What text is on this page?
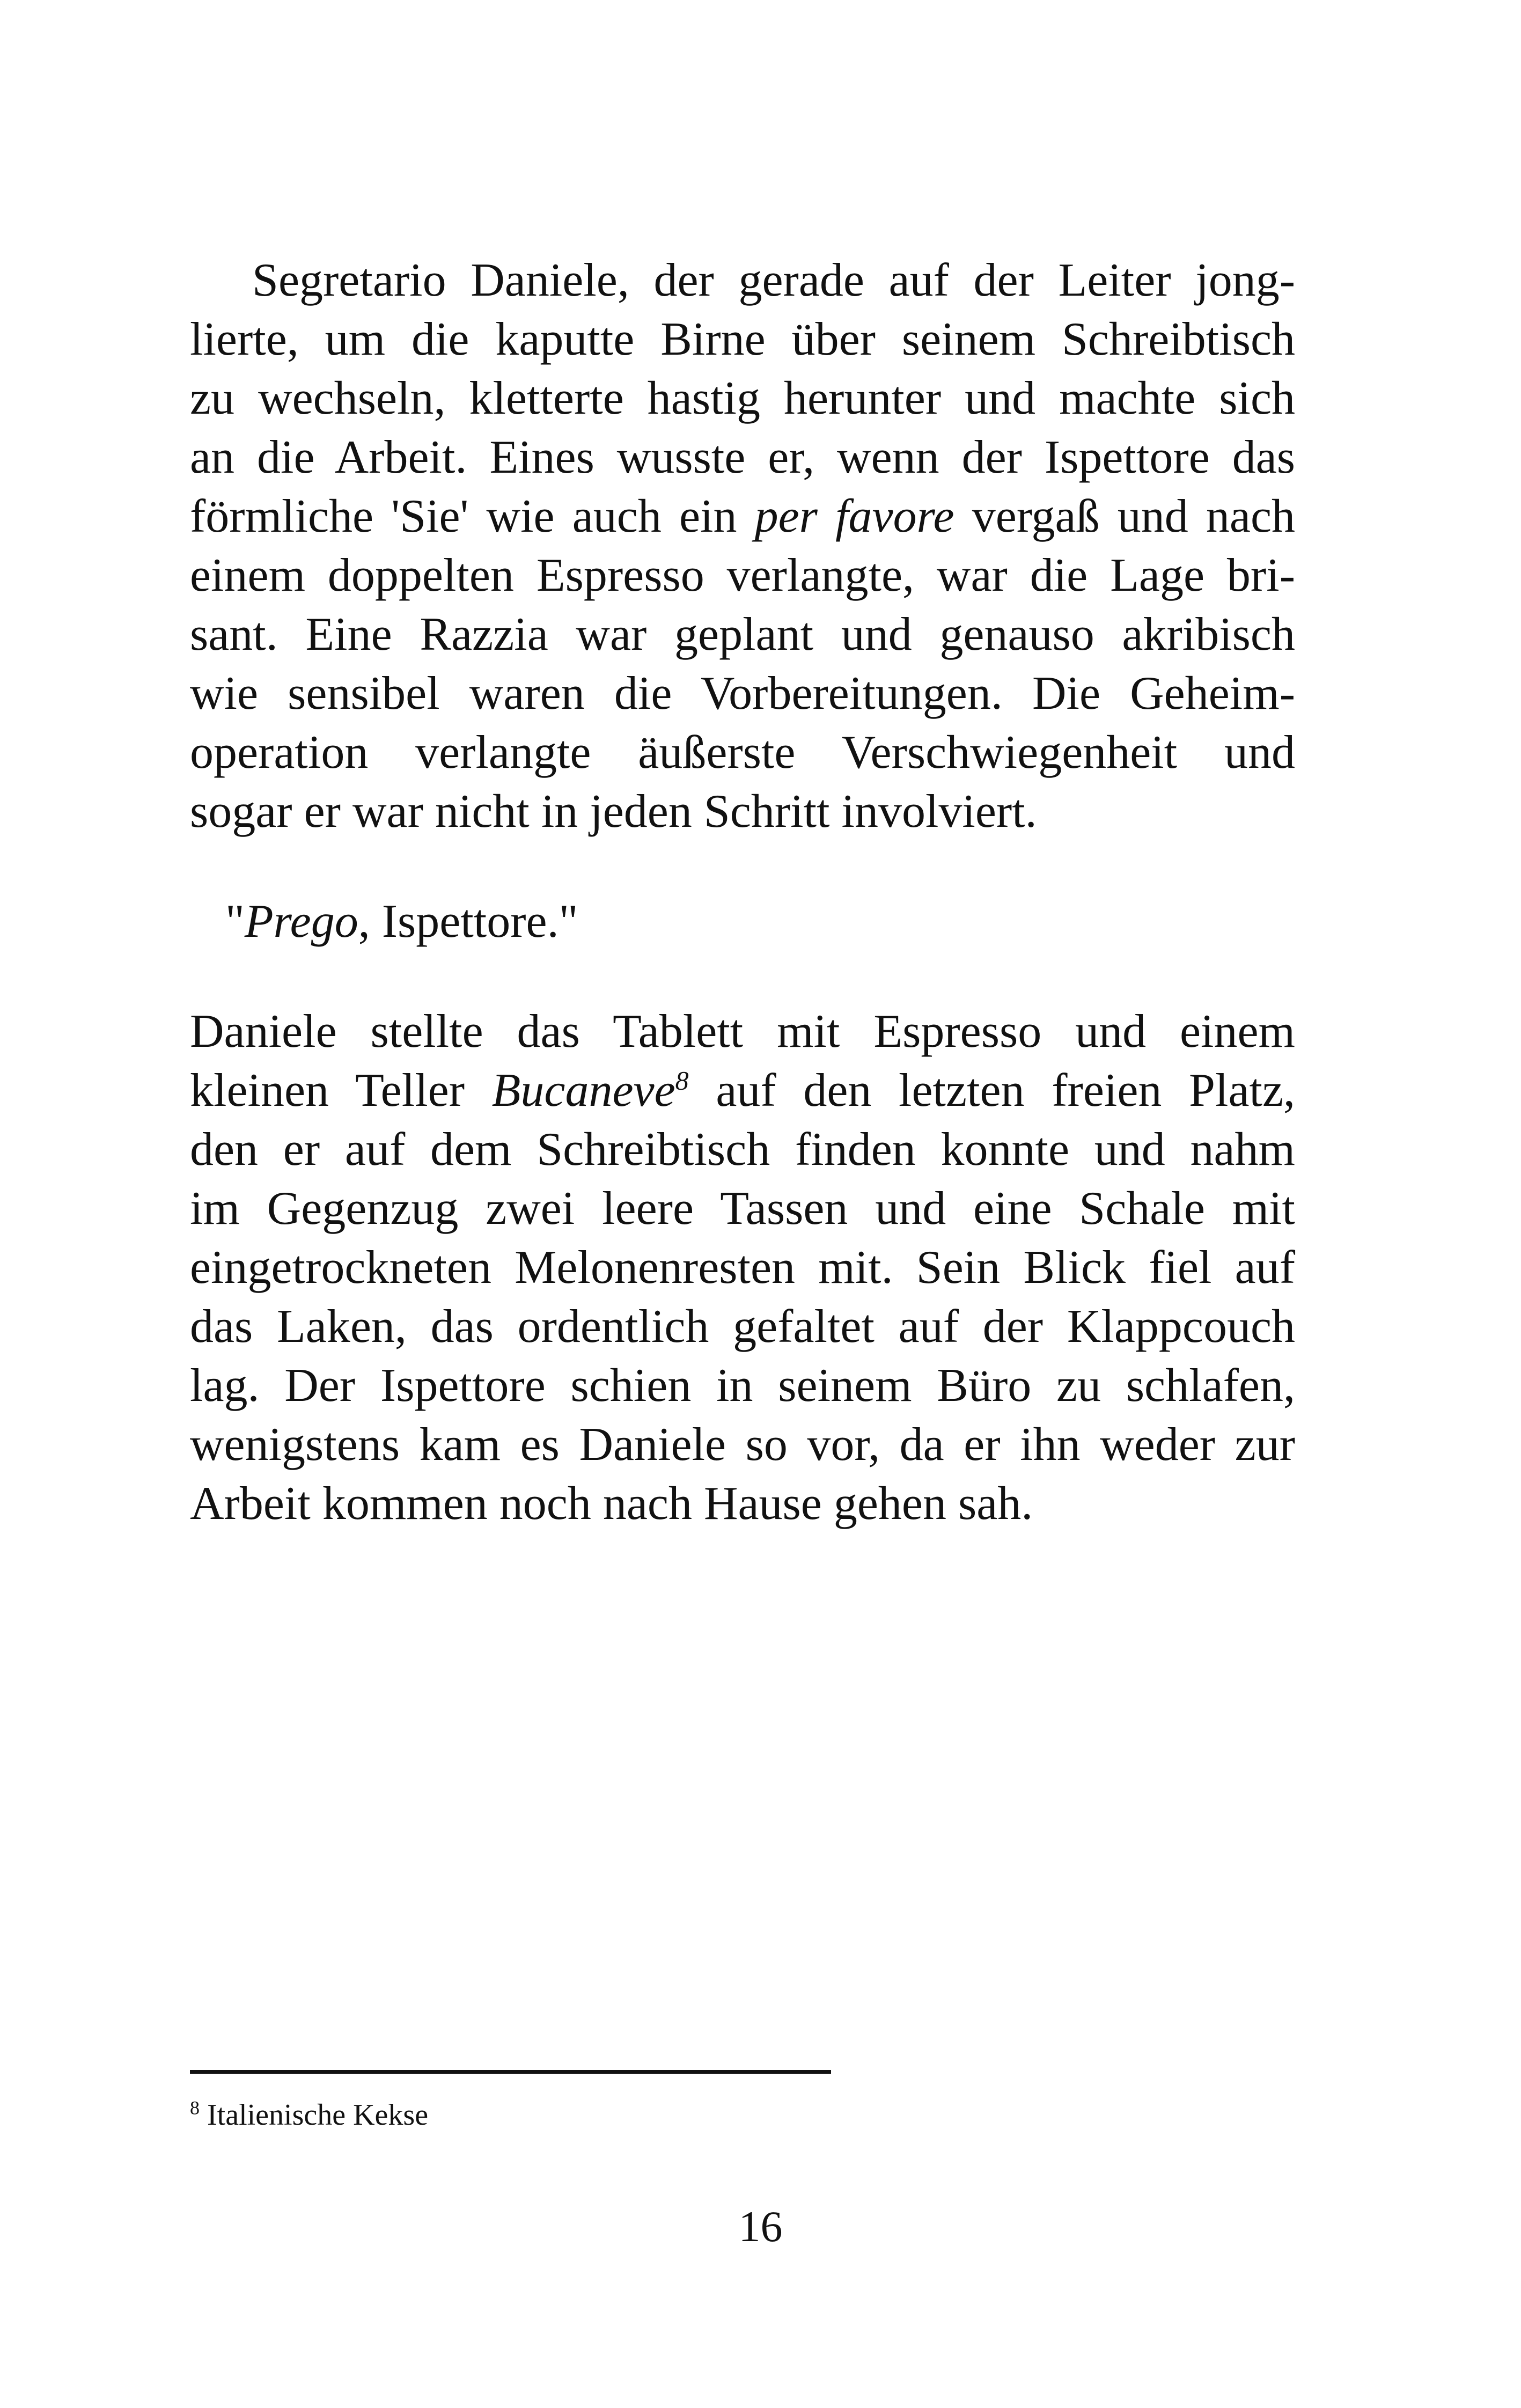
Segretario Daniele, der gerade auf der Leiter jong-
lierte, um die kaputte Birne über seinem Schreibtisch
zu wechseln, kletterte hastig herunter und machte sich
an die Arbeit. Eines wusste er, wenn der Ispettore das
förmliche 'Sie' wie auch ein per favore vergaß und nach
einem doppelten Espresso verlangte, war die Lage bri-
sant. Eine Razzia war geplant und genauso akribisch
wie sensibel waren die Vorbereitungen. Die Geheim-
operation verlangte äußerste Verschwiegenheit und
sogar er war nicht in jeden Schritt involviert.
"Prego, Ispettore."
Daniele stellte das Tablett mit Espresso und einem
kleinen Teller Bucaneve$^8$ auf den letzten freien Platz,
den er auf dem Schreibtisch finden konnte und nahm
im Gegenzug zwei leere Tassen und eine Schale mit
eingetrockneten Melonenresten mit. Sein Blick fiel auf
das Laken, das ordentlich gefaltet auf der Klappcouch
lag. Der Ispettore schien in seinem Büro zu schlafen,
wenigstens kam es Daniele so vor, da er ihn weder zur
Arbeit kommen noch nach Hause gehen sah.
$^8$ Italienische Kekse
16
